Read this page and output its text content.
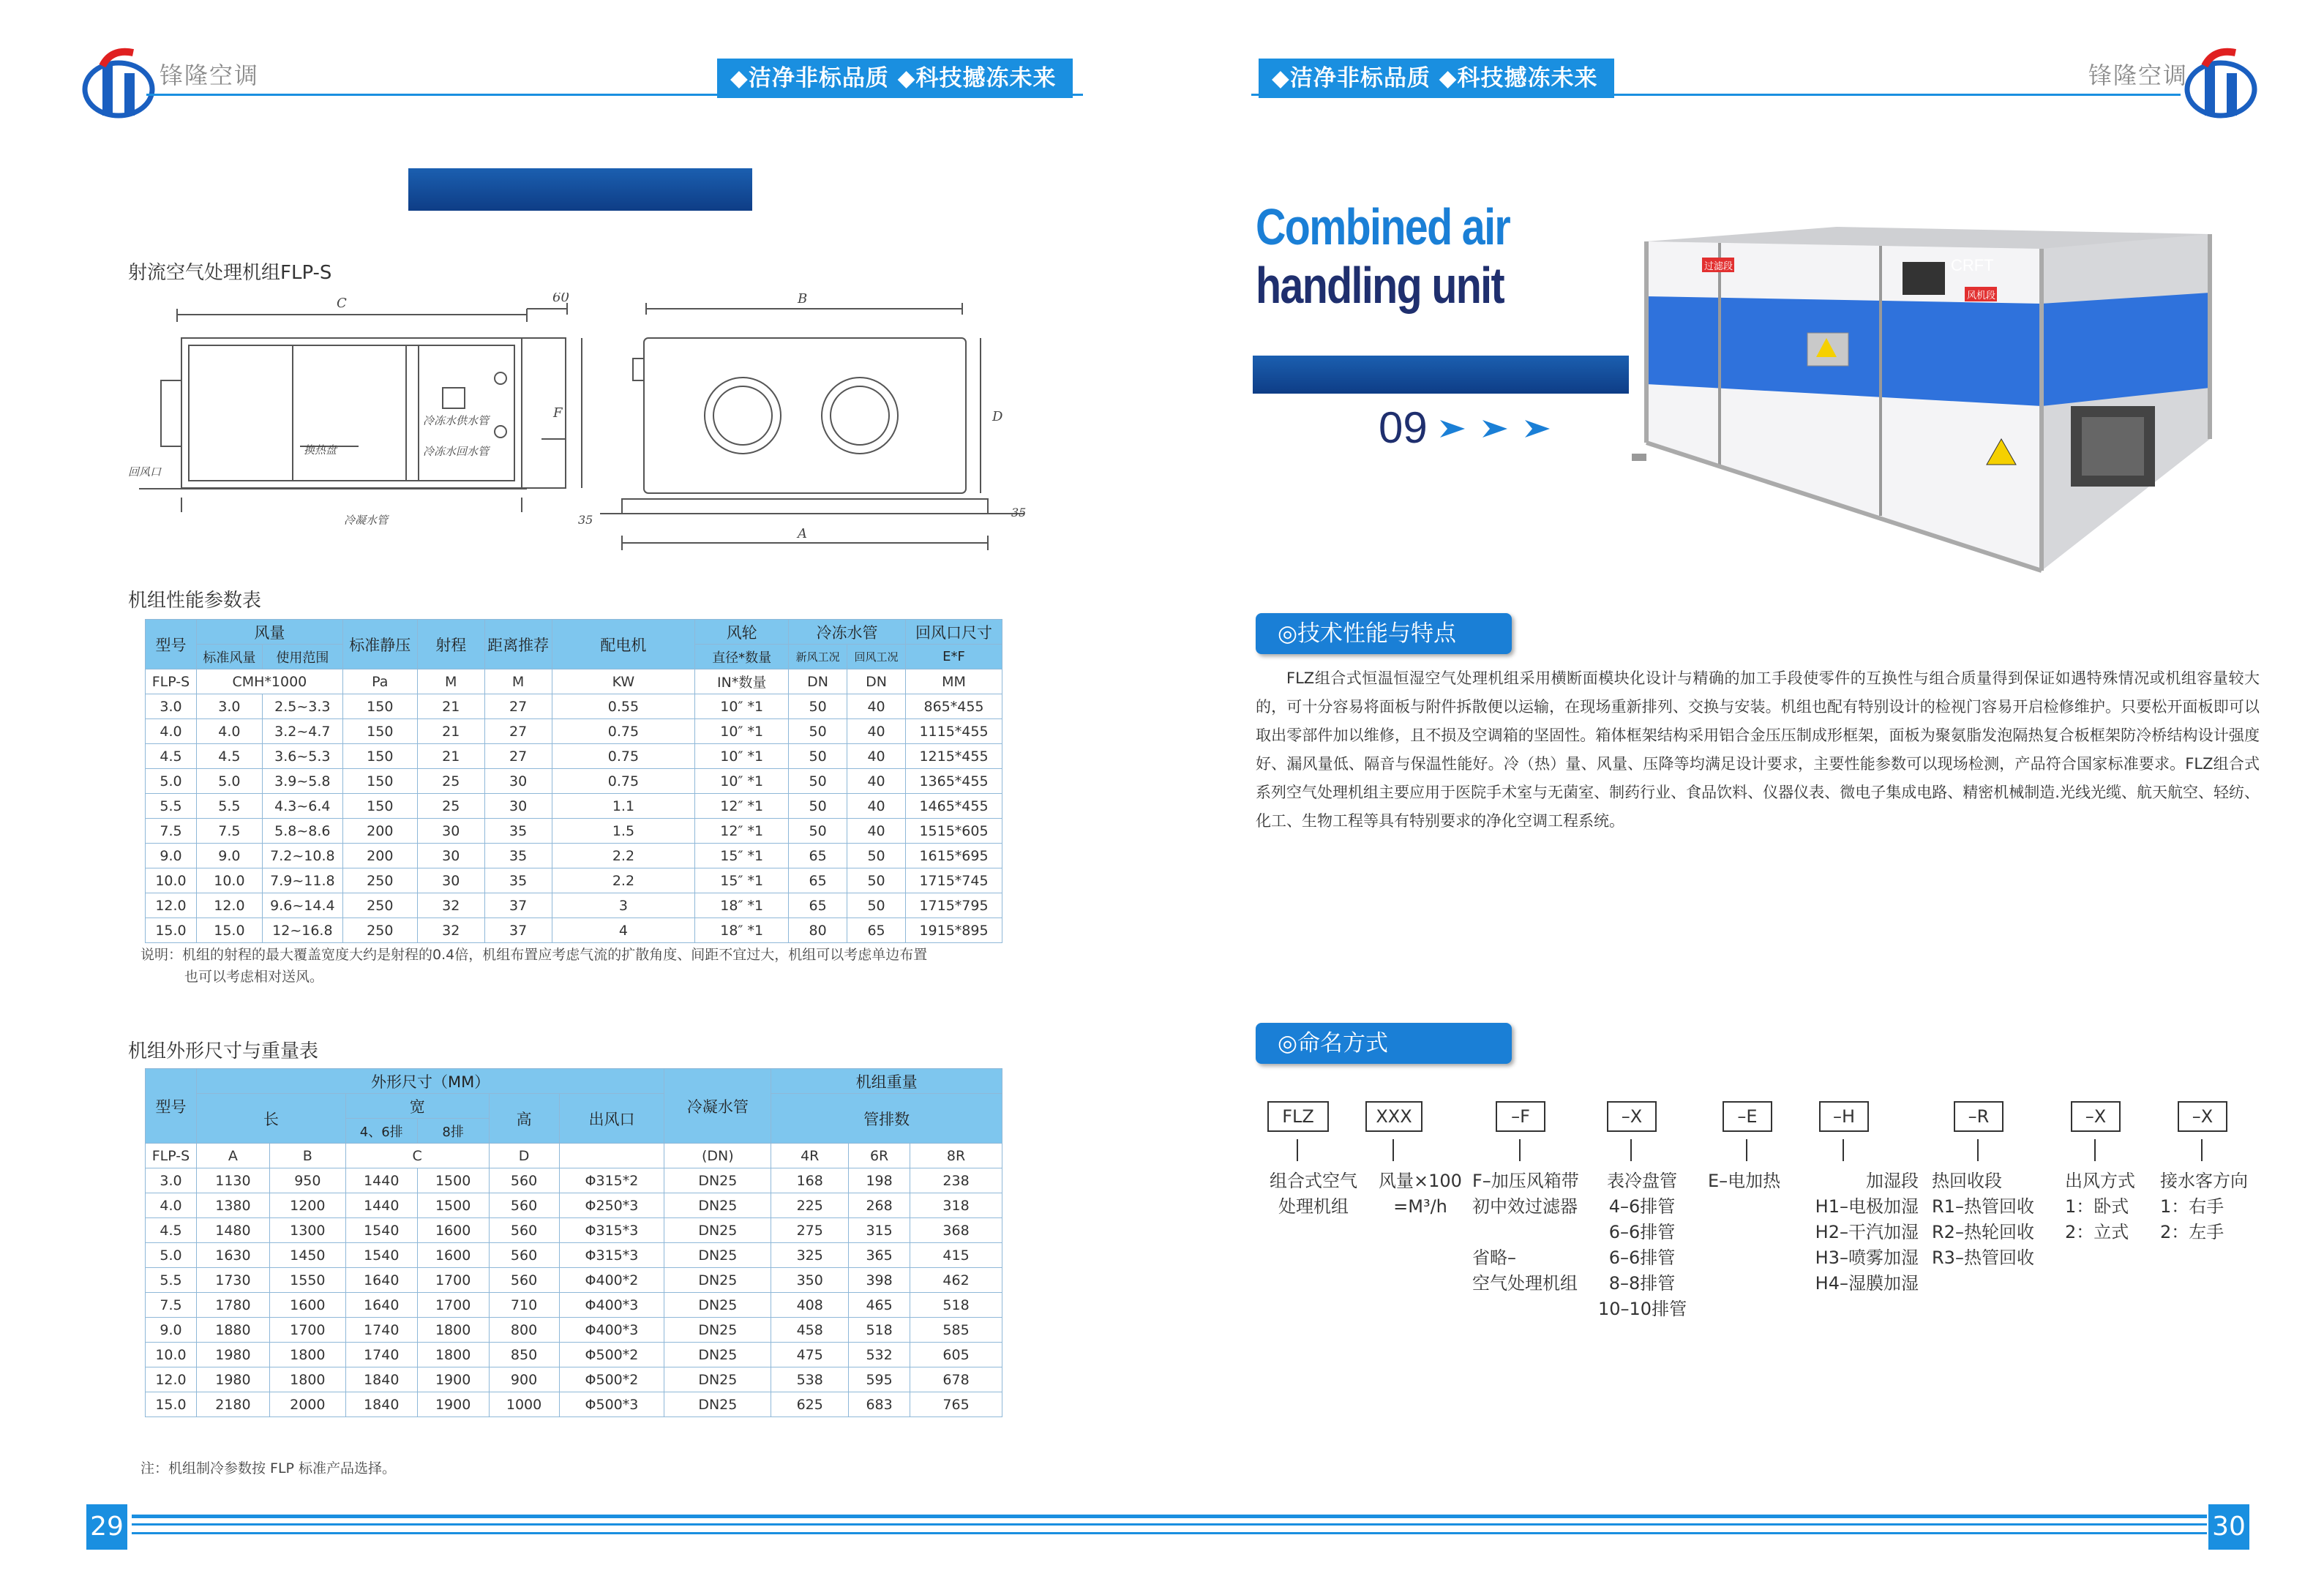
锋隆空调	◆洁净非标品质 ◆科技撼冻未来	◆洁净非标品质 ◆科技撼冻未来	锋隆空调
射流空气处理机组FLP-S
C	60	B
A
D
F
35
35
回风口
换热盘
冷冻水供水管
冷冻水回水管
冷凝水管
机组性能参数表
型号	风量		标准静压	射程	距离推荐	配电机	风轮	冷冻水管		回风口尺寸
	标准风量	使用范围					直径*数量	新风工况	回风工况	E*F
FLP-S	CMH*1000		Pa	M	M	KW	IN*数量	DN	DN	MM
3.0	3.0	2.5~3.3	150	21	27	0.55	10″ *1	50	40	865*455
4.0	4.0	3.2~4.7	150	21	27	0.75	10″ *1	50	40	1115*455
4.5	4.5	3.6~5.3	150	21	27	0.75	10″ *1	50	40	1215*455
5.0	5.0	3.9~5.8	150	25	30	0.75	10″ *1	50	40	1365*455
5.5	5.5	4.3~6.4	150	25	30	1.1	12″ *1	50	40	1465*455
7.5	7.5	5.8~8.6	200	30	35	1.5	12″ *1	50	40	1515*605
9.0	9.0	7.2~10.8	200	30	35	2.2	15″ *1	65	50	1615*695
10.0	10.0	7.9~11.8	250	30	35	2.2	15″ *1	65	50	1715*745
12.0	12.0	9.6~14.4	250	32	37	3	18″ *1	65	50	1715*795
15.0	15.0	12~16.8	250	32	37	4	18″ *1	80	65	1915*895
说明：机组的射程的最大覆盖宽度大约是射程的0.4倍，机组布置应考虑气流的扩散角度、间距不宜过大，机组可以考虑单边布置
也可以考虑相对送风。
机组外形尺寸与重量表
型号	外形尺寸（MM）						冷凝水管	机组重量		
	长		宽		高	出风口		管排数		
			4、6排	8排						
FLP-S	A	B	C		D		(DN)	4R	6R	8R
3.0	1130	950	1440	1500	560	Φ315*2	DN25	168	198	238
4.0	1380	1200	1440	1500	560	Φ250*3	DN25	225	268	318
4.5	1480	1300	1540	1600	560	Φ315*3	DN25	275	315	368
5.0	1630	1450	1540	1600	560	Φ315*3	DN25	325	365	415
5.5	1730	1550	1640	1700	560	Φ400*2	DN25	350	398	462
7.5	1780	1600	1640	1700	710	Φ400*3	DN25	408	465	518
9.0	1880	1700	1740	1800	800	Φ400*3	DN25	458	518	585
10.0	1980	1800	1740	1800	850	Φ500*2	DN25	475	532	605
12.0	1980	1800	1840	1900	900	Φ500*2	DN25	538	595	678
15.0	2180	2000	1840	1900	1000	Φ500*3	DN25	625	683	765
注：机组制冷参数按 FLP 标准产品选择。
Combined air
handling unit
09
CRFT
过滤段
风机段
◎技术性能与特点
FLZ组合式恒温恒湿空气处理机组采用横断面模块化设计与精确的加工手段使零件的互换性与组合质量得到保证如遇特殊情况或机组容量较大的，可十分容易将面板与附件拆散便以运输，在现场重新排列、交换与安装。机组也配有特别设计的检视门容易开启检修维护。只要松开面板即可以取出零部件加以维修，且不损及空调箱的坚固性。箱体框架结构采用铝合金压压制成形框架，面板为聚氨脂发泡隔热复合板框架防冷桥结构设计强度好、漏风量低、隔音与保温性能好。冷（热）量、风量、压降等均满足设计要求，主要性能参数可以现场检测，产品符合国家标准要求。FLZ组合式系列空气处理机组主要应用于医院手术室与无菌室、制药行业、食品饮料、仪器仪表、微电子集成电路、精密机械制造.光线光缆、航天航空、轻纺、化工、生物工程等具有特别要求的净化空调工程系统。
◎命名方式
FLZ
组合式空气
处理机组
XXX
风量×100
=M³/h
–F
F–加压风箱带
初中效过滤器

省略–
空气处理机组
–X
表冷盘管
4–6排管
6–6排管
6–6排管
8–8排管
10–10排管
–E
E–电加热
–H
加湿段
H1–电极加湿
H2–干汽加湿
H3–喷雾加湿
H4–湿膜加湿
–R
热回收段
R1–热管回收
R2–热轮回收
R3–热管回收
–X
出风方式
1：卧式
2：立式
–X
接水客方向
1：右手
2：左手
29	30
